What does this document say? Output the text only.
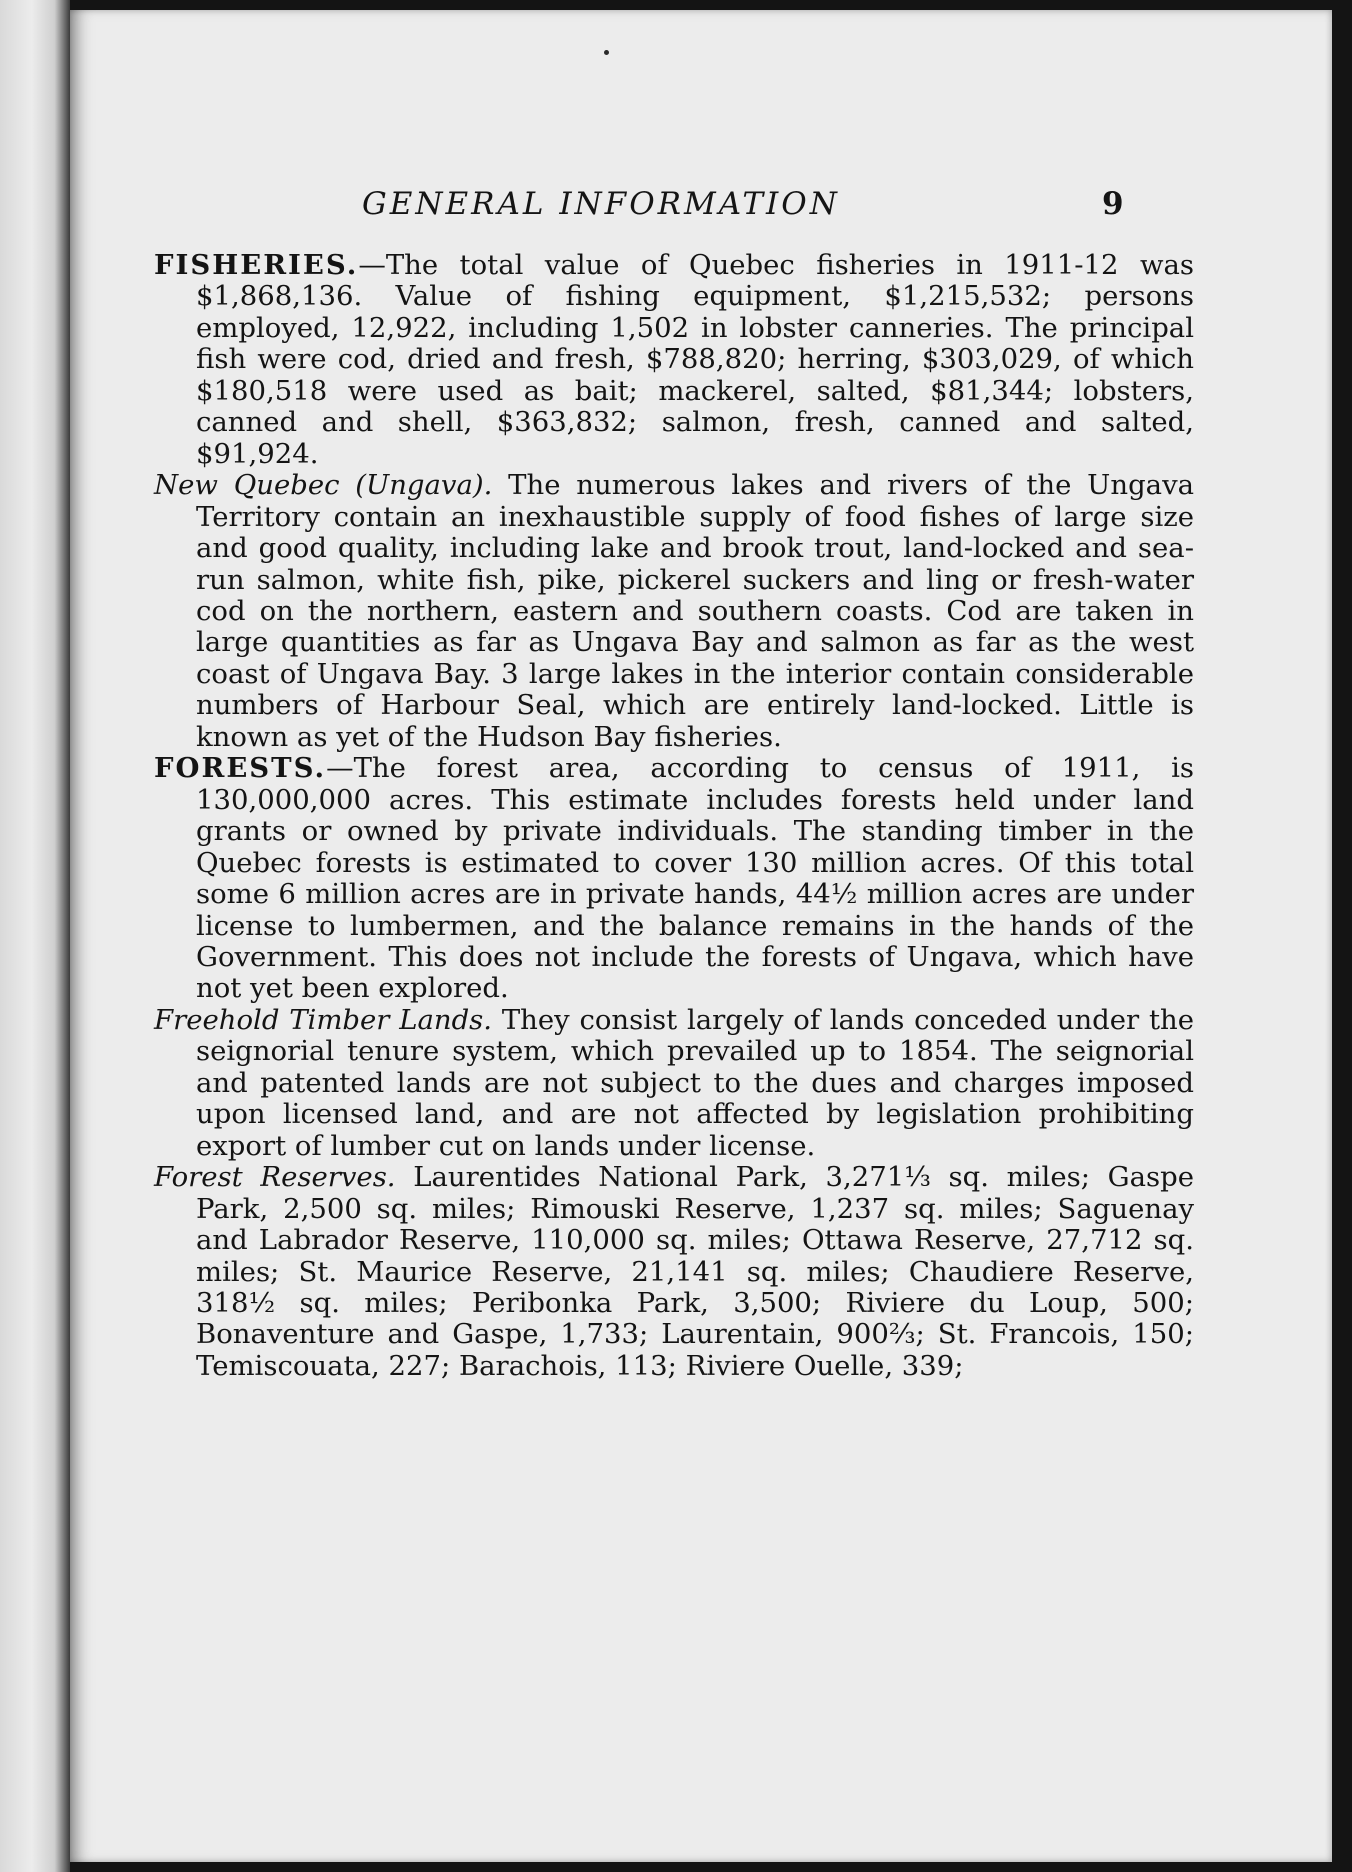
GENERAL INFORMATION	9

FISHERIES.—The total value of Quebec fisheries in 1911-12 was $1,868,136. Value of fishing equipment, $1,215,532; persons employed, 12,922, including 1,502 in lobster canneries. The principal fish were cod, dried and fresh, $788,820; herring, $303,029, of which $180,518 were used as bait; mackerel, salted, $81,344; lobsters, canned and shell, $363,832; salmon, fresh, canned and salted, $91,924.

New Quebec (Ungava). The numerous lakes and rivers of the Ungava Territory contain an inexhaustible supply of food fishes of large size and good quality, including lake and brook trout, land-locked and sea-run salmon, white fish, pike, pickerel suckers and ling or fresh-water cod on the northern, eastern and southern coasts. Cod are taken in large quantities as far as Ungava Bay and salmon as far as the west coast of Ungava Bay. 3 large lakes in the interior contain considerable numbers of Harbour Seal, which are entirely land-locked. Little is known as yet of the Hudson Bay fisheries.

FORESTS.—The forest area, according to census of 1911, is 130,000,000 acres. This estimate includes forests held under land grants or owned by private individuals. The standing timber in the Quebec forests is estimated to cover 130 million acres. Of this total some 6 million acres are in private hands, 44½ million acres are under license to lumbermen, and the balance remains in the hands of the Government. This does not include the forests of Ungava, which have not yet been explored.

Freehold Timber Lands. They consist largely of lands conceded under the seignorial tenure system, which prevailed up to 1854. The seignorial and patented lands are not subject to the dues and charges imposed upon licensed land, and are not affected by legislation prohibiting export of lumber cut on lands under license.

Forest Reserves. Laurentides National Park, 3,271⅓ sq. miles; Gaspe Park, 2,500 sq. miles; Rimouski Reserve, 1,237 sq. miles; Saguenay and Labrador Reserve, 110,000 sq. miles; Ottawa Reserve, 27,712 sq. miles; St. Maurice Reserve, 21,141 sq. miles; Chaudiere Reserve, 318½ sq. miles; Peribonka Park, 3,500; Riviere du Loup, 500; Bonaventure and Gaspe, 1,733; Laurentain, 900⅔; St. Francois, 150; Temiscouata, 227; Barachois, 113; Riviere Ouelle, 339;
